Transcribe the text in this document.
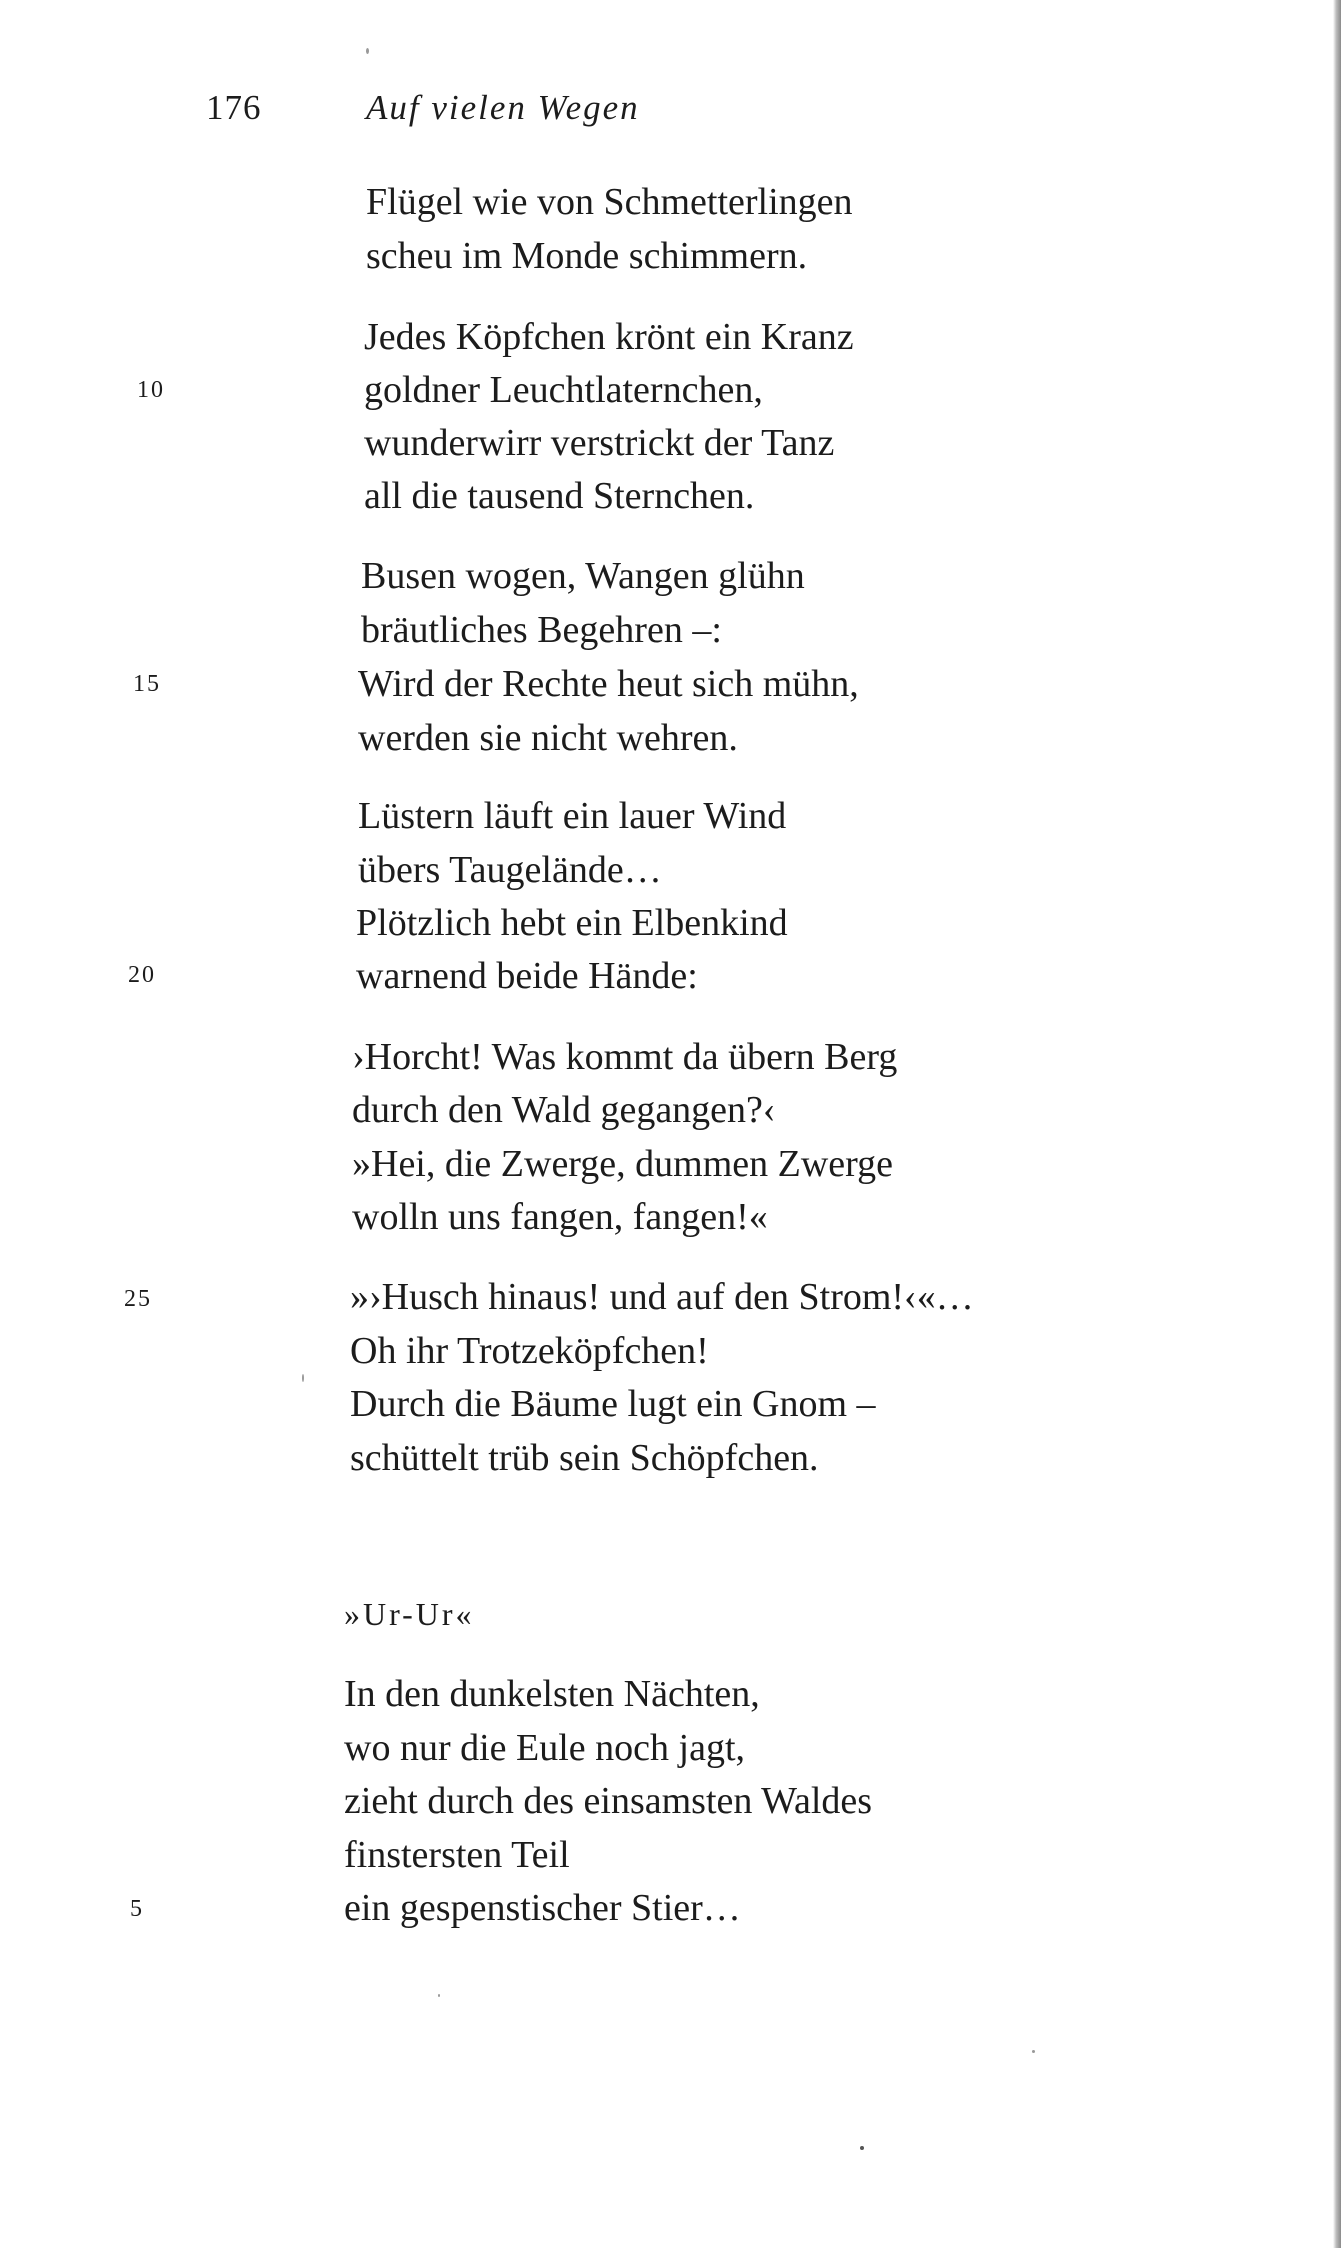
176	Auf vielen Wegen
Flügel wie von Schmetterlingen
scheu im Monde schimmern.
Jedes Köpfchen krönt ein Kranz
10	goldner Leuchtlaternchen,
wunderwirr verstrickt der Tanz
all die tausend Sternchen.
Busen wogen, Wangen glühn
bräutliches Begehren –:
15	Wird der Rechte heut sich mühn,
werden sie nicht wehren.
Lüstern läuft ein lauer Wind
übers Taugelände…
Plötzlich hebt ein Elbenkind
20	warnend beide Hände:
›Horcht! Was kommt da übern Berg
durch den Wald gegangen?‹
»Hei, die Zwerge, dummen Zwerge
wolln uns fangen, fangen!«
25	»›Husch hinaus! und auf den Strom!‹«…
Oh ihr Trotzeköpfchen!
Durch die Bäume lugt ein Gnom –
schüttelt trüb sein Schöpfchen.
»Ur-Ur«
In den dunkelsten Nächten,
wo nur die Eule noch jagt,
zieht durch des einsamsten Waldes
finstersten Teil
5	ein gespenstischer Stier…
